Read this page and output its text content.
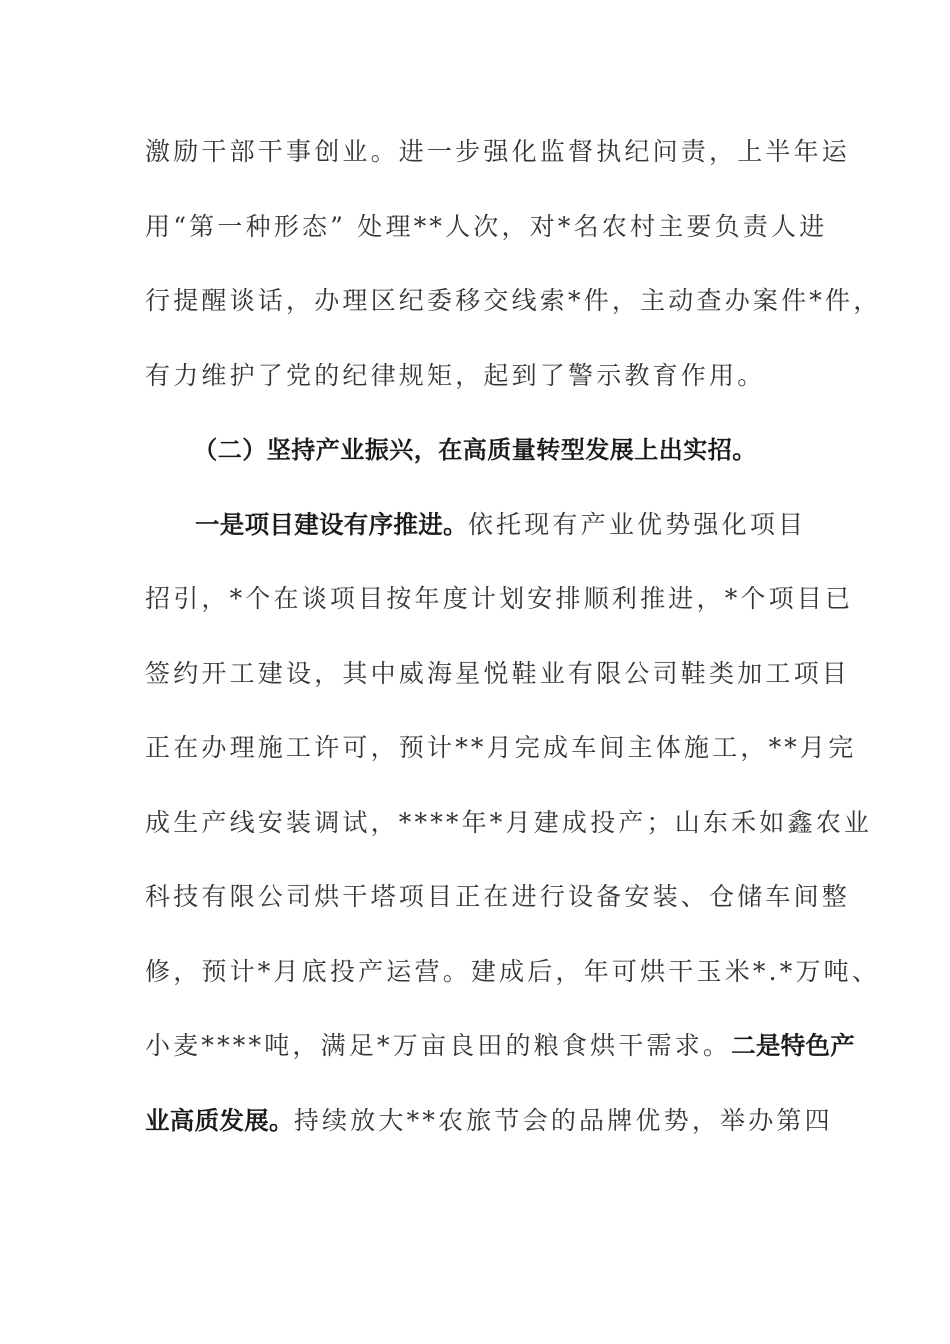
激励干部干事创业。进一步强化监督执纪问责，上半年运
用“第一种形态” 处理**人次，对*名农村主要负责人进
行提醒谈话，办理区纪委移交线索*件，主动查办案件*件，
有力维护了党的纪律规矩，起到了警示教育作用。
（二）坚持产业振兴，在高质量转型发展上出实招。
一是项目建设有序推进。依托现有产业优势强化项目
招引，*个在谈项目按年度计划安排顺利推进，*个项目已
签约开工建设，其中威海星悦鞋业有限公司鞋类加工项目
正在办理施工许可，预计**月完成车间主体施工，**月完
成生产线安装调试，****年*月建成投产；山东禾如鑫农业
科技有限公司烘干塔项目正在进行设备安装、仓储车间整
修，预计*月底投产运营。建成后，年可烘干玉米*.*万吨、
小麦****吨，满足*万亩良田的粮食烘干需求。二是特色产
业高质发展。持续放大**农旅节会的品牌优势，举办第四
